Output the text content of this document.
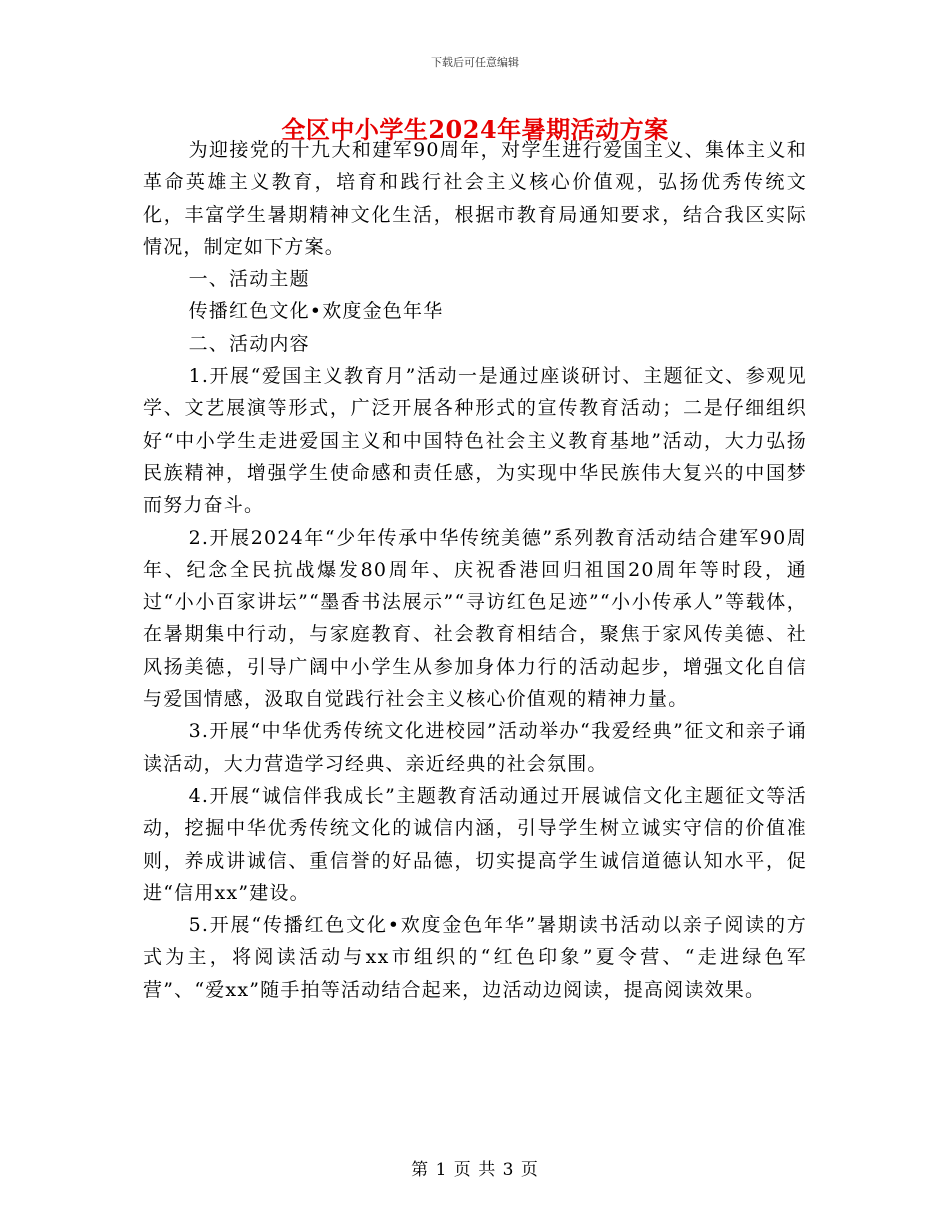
下载后可任意编辑
全区中小学生2024年暑期活动方案

为迎接党的十九大和建军90周年，对学生进行爱国主义、集体主义和革命英雄主义教育，培育和践行社会主义核心价值观，弘扬优秀传统文化，丰富学生暑期精神文化生活，根据市教育局通知要求，结合我区实际情况，制定如下方案。

一、活动主题

传播红色文化•欢度金色年华

二、活动内容

1.开展“爱国主义教育月”活动一是通过座谈研讨、主题征文、参观见学、文艺展演等形式，广泛开展各种形式的宣传教育活动；二是仔细组织好“中小学生走进爱国主义和中国特色社会主义教育基地”活动，大力弘扬民族精神，增强学生使命感和责任感，为实现中华民族伟大复兴的中国梦而努力奋斗。

2.开展2024年“少年传承中华传统美德”系列教育活动结合建军90周年、纪念全民抗战爆发80周年、庆祝香港回归祖国20周年等时段，通过“小小百家讲坛”“墨香书法展示”“寻访红色足迹”“小小传承人”等载体，在暑期集中行动，与家庭教育、社会教育相结合，聚焦于家风传美德、社风扬美德，引导广阔中小学生从参加身体力行的活动起步，增强文化自信与爱国情感，汲取自觉践行社会主义核心价值观的精神力量。

3.开展“中华优秀传统文化进校园”活动举办“我爱经典”征文和亲子诵读活动，大力营造学习经典、亲近经典的社会氛围。

4.开展“诚信伴我成长”主题教育活动通过开展诚信文化主题征文等活动，挖掘中华优秀传统文化的诚信内涵，引导学生树立诚实守信的价值准则，养成讲诚信、重信誉的好品德，切实提高学生诚信道德认知水平，促进“信用xx”建设。

5.开展“传播红色文化•欢度金色年华”暑期读书活动以亲子阅读的方式为主，将阅读活动与xx市组织的“红色印象”夏令营、“走进绿色军营”、“爱xx”随手拍等活动结合起来，边活动边阅读，提高阅读效果。

第 1 页 共 3 页
